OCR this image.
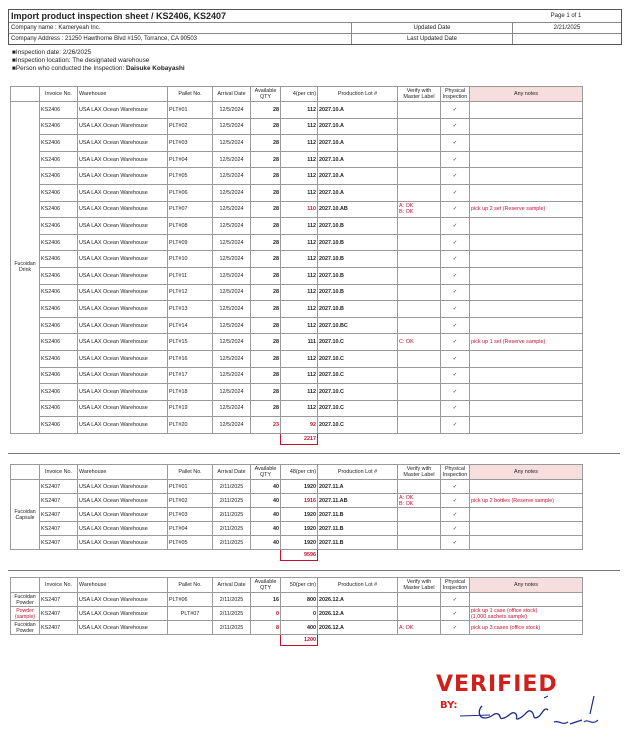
Import product inspection sheet / KS2406, KS2407	Page 1 of 1
Company name : Kameryeah Inc.	Updated Date	2/21/2025
Company Address : 21250 Hawthorne Blvd #150, Torrance, CA 90503	Last Updated Date
■Inspection date: 2/26/2025
■Inspection location: The designated warehouse
■Person who conducted the Inspection: Daisuke Kobayashi
	Invoice No.	Warehouse	Pallet No.	Arrival Date	Available QTY	4(per ctn)	Production Lot #	Verify with Master Label	Physical Inspection	Any notes
Fucoidan Drink	KS2406	USA LAX Ocean Warehouse	PLT#01	12/5/2024	28	112	2027.10.A		✓	
	KS2406	USA LAX Ocean Warehouse	PLT#02	12/5/2024	28	112	2027.10.A		✓	
	KS2406	USA LAX Ocean Warehouse	PLT#03	12/5/2024	28	112	2027.10.A		✓	
	KS2406	USA LAX Ocean Warehouse	PLT#04	12/5/2024	28	112	2027.10.A		✓	
	KS2406	USA LAX Ocean Warehouse	PLT#05	12/5/2024	28	112	2027.10.A		✓	
	KS2406	USA LAX Ocean Warehouse	PLT#06	12/5/2024	28	112	2027.10.A		✓	
	KS2406	USA LAX Ocean Warehouse	PLT#07	12/5/2024	28	110	2027.10.AB	A: OK
B: OK	✓	pick up 2 set (Reserve sample)
	KS2406	USA LAX Ocean Warehouse	PLT#08	12/5/2024	28	112	2027.10.B		✓	
	KS2406	USA LAX Ocean Warehouse	PLT#09	12/5/2024	28	112	2027.10.B		✓	
	KS2406	USA LAX Ocean Warehouse	PLT#10	12/5/2024	28	112	2027.10.B		✓	
	KS2406	USA LAX Ocean Warehouse	PLT#11	12/5/2024	28	112	2027.10.B		✓	
	KS2406	USA LAX Ocean Warehouse	PLT#12	12/5/2024	28	112	2027.10.B		✓	
	KS2406	USA LAX Ocean Warehouse	PLT#13	12/5/2024	28	112	2027.10.B		✓	
	KS2406	USA LAX Ocean Warehouse	PLT#14	12/5/2024	28	112	2027.10.BC		✓	
	KS2406	USA LAX Ocean Warehouse	PLT#15	12/5/2024	28	111	2027.10.C	C: OK	✓	pick up 1 set (Reserve sample)
	KS2406	USA LAX Ocean Warehouse	PLT#16	12/5/2024	28	112	2027.10.C		✓	
	KS2406	USA LAX Ocean Warehouse	PLT#17	12/5/2024	28	112	2027.10.C		✓	
	KS2406	USA LAX Ocean Warehouse	PLT#18	12/5/2024	28	112	2027.10.C		✓	
	KS2406	USA LAX Ocean Warehouse	PLT#19	12/5/2024	28	112	2027.10.C		✓	
	KS2406	USA LAX Ocean Warehouse	PLT#20	12/5/2024	23	92	2027.10.C		✓	
						2217				
	Invoice No.	Warehouse	Pallet No.	Arrival Date	Available QTY	48(per ctn)	Production Lot #	Verify with Master Label	Physical Inspection	Any notes
Fucoidan Capsule	KS2407	USA LAX Ocean Warehouse	PLT#01	2/11/2025	40	1920	2027.11.A		✓	
	KS2407	USA LAX Ocean Warehouse	PLT#02	2/11/2025	40	1916	2027.11.AB	A: OK
B: OK	✓	pick up 2 bottles (Reserve sample)
	KS2407	USA LAX Ocean Warehouse	PLT#03	2/11/2025	40	1920	2027.11.B		✓	
	KS2407	USA LAX Ocean Warehouse	PLT#04	2/11/2025	40	1920	2027.11.B		✓	
	KS2407	USA LAX Ocean Warehouse	PLT#05	2/11/2025	40	1920	2027.11.B		✓	
						9596				
	Invoice No.	Warehouse	Pallet No.	Arrival Date	Available QTY	50(per ctn)	Production Lot #	Verify with Master Label	Physical Inspection	Any notes
Fucoidan Powder	KS2407	USA LAX Ocean Warehouse	PLT#06	2/11/2025	16	800	2026.12.A		✓	
Powder (sample)	KS2407	USA LAX Ocean Warehouse	PLT#07	2/11/2025	0	0	2026.12.A		✓	pick up 1 case (office stock)
(1,000 sachets sample)
Fucoidan Powder	KS2407	USA LAX Ocean Warehouse		2/11/2025	8	400	2026.12.A	A: OK	✓	pick up 3 cases (office stock)
						1200				
VERIFIED
BY:
